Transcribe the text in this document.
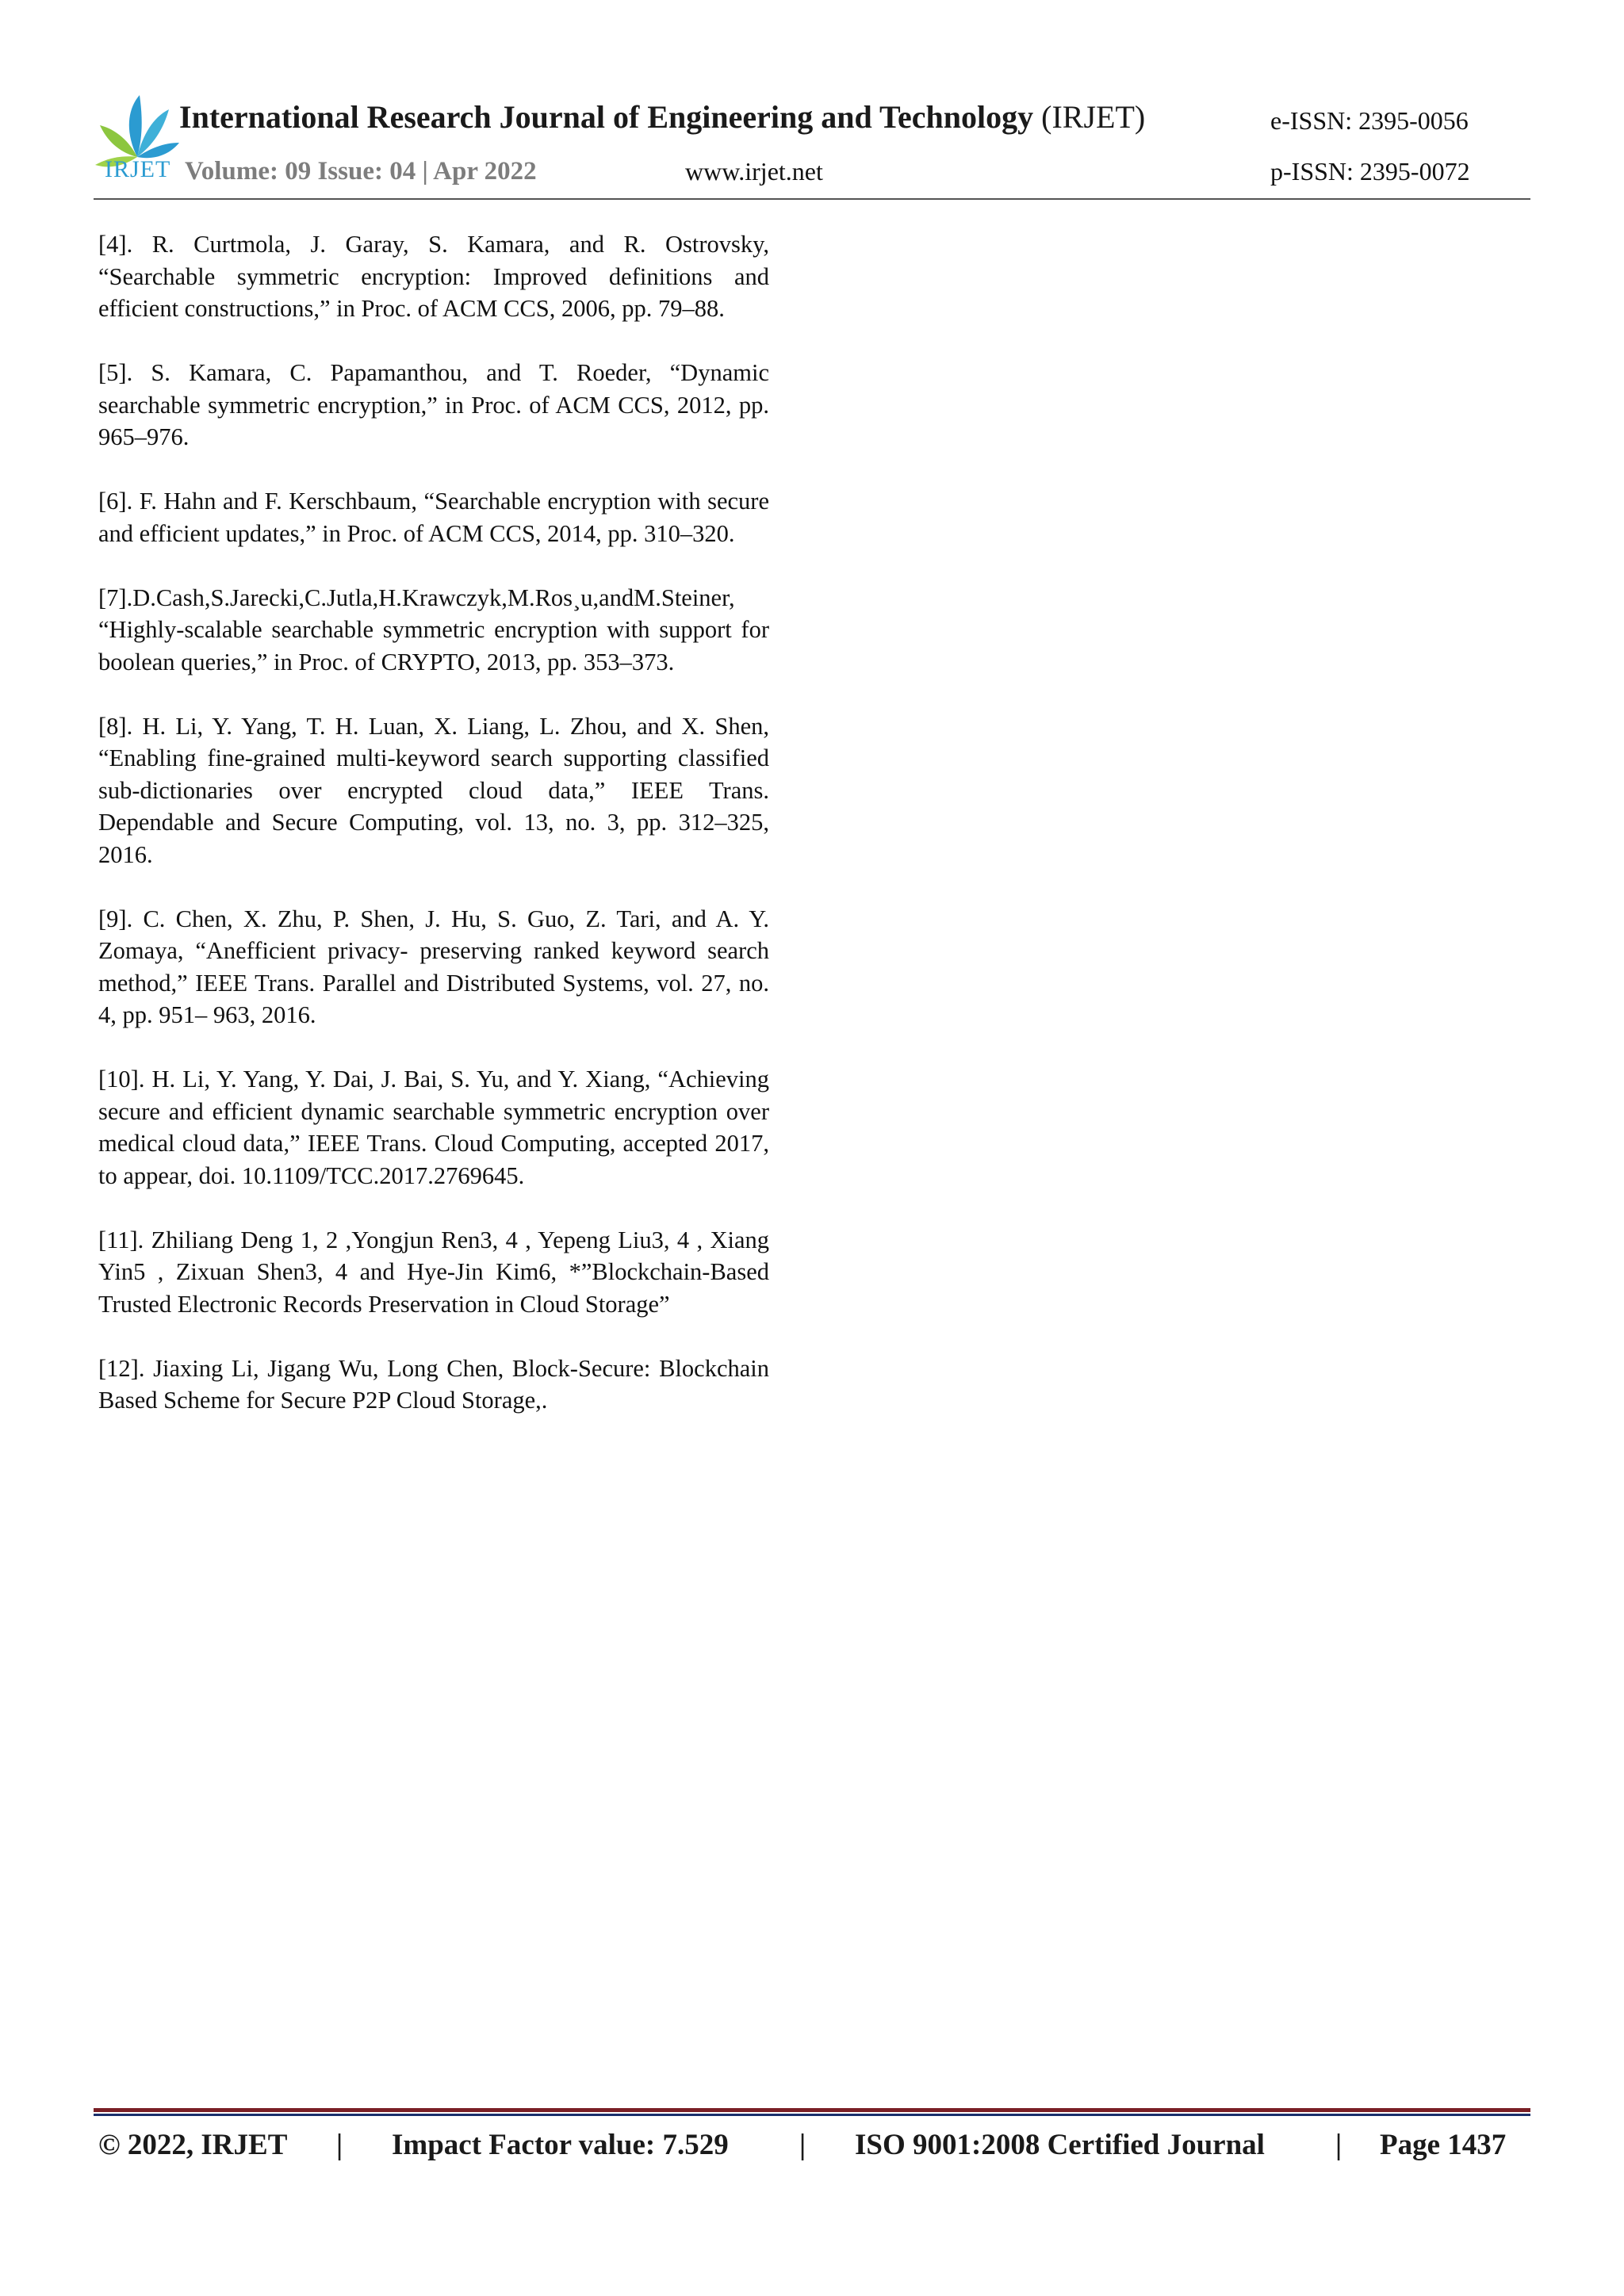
IRJET
International Research Journal of Engineering and Technology (IRJET)	e-ISSN: 2395-0056
Volume: 09 Issue: 04 | Apr 2022	www.irjet.net	p-ISSN: 2395-0072

[4]. R. Curtmola, J. Garay, S. Kamara, and R. Ostrovsky, “Searchable symmetric encryption: Improved definitions and efficient constructions,” in Proc. of ACM CCS, 2006, pp. 79–88.

[5]. S. Kamara, C. Papamanthou, and T. Roeder, “Dynamic searchable symmetric encryption,” in Proc. of ACM CCS, 2012, pp. 965–976.

[6]. F. Hahn and F. Kerschbaum, “Searchable encryption with secure and efficient updates,” in Proc. of ACM CCS, 2014, pp. 310–320.

[7].D.Cash,S.Jarecki,C.Jutla,H.Krawczyk,M.Ros¸u,andM.Steiner, “Highly-scalable searchable symmetric encryption with support for boolean queries,” in Proc. of CRYPTO, 2013, pp. 353–373.

[8]. H. Li, Y. Yang, T. H. Luan, X. Liang, L. Zhou, and X. Shen, “Enabling fine-grained multi-keyword search supporting classified sub-dictionaries over encrypted cloud data,” IEEE Trans. Dependable and Secure Computing, vol. 13, no. 3, pp. 312–325, 2016.

[9]. C. Chen, X. Zhu, P. Shen, J. Hu, S. Guo, Z. Tari, and A. Y. Zomaya, “Anefficient privacy- preserving ranked keyword search method,” IEEE Trans. Parallel and Distributed Systems, vol. 27, no. 4, pp. 951– 963, 2016.

[10]. H. Li, Y. Yang, Y. Dai, J. Bai, S. Yu, and Y. Xiang, “Achieving secure and efficient dynamic searchable symmetric encryption over medical cloud data,” IEEE Trans. Cloud Computing, accepted 2017, to appear, doi. 10.1109/TCC.2017.2769645.

[11]. Zhiliang Deng 1, 2 ,Yongjun Ren3, 4 , Yepeng Liu3, 4 , Xiang Yin5 , Zixuan Shen3, 4 and Hye-Jin Kim6, *”Blockchain-Based Trusted Electronic Records Preservation in Cloud Storage”

[12]. Jiaxing Li, Jigang Wu, Long Chen, Block-Secure: Blockchain Based Scheme for Secure P2P Cloud Storage,.

© 2022, IRJET | Impact Factor value: 7.529 | ISO 9001:2008 Certified Journal | Page 1437
